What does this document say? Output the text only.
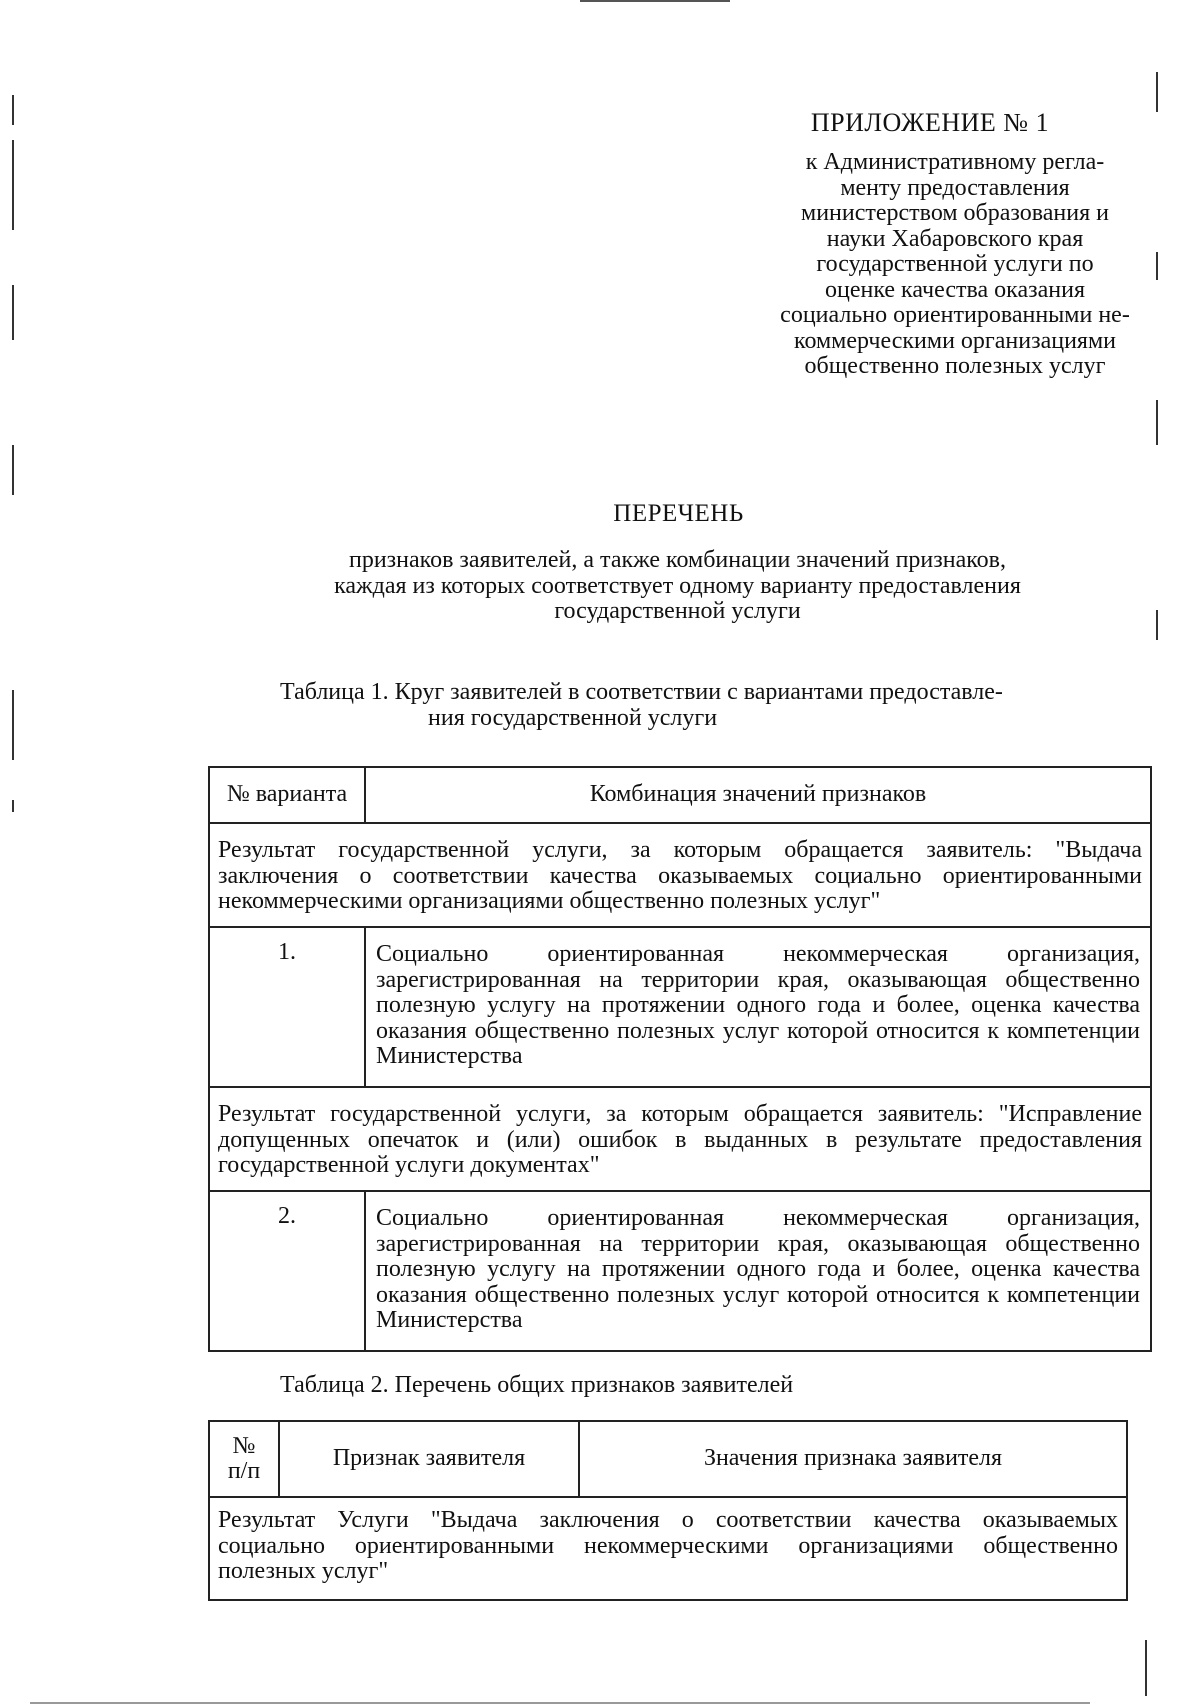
ПРИЛОЖЕНИЕ № 1
к Административному регла-
менту предоставления
министерством образования и
науки Хабаровского края
государственной услуги по
оценке качества оказания
социально ориентированными не-
коммерческими организациями
общественно полезных услуг
ПЕРЕЧЕНЬ
признаков заявителей, а также комбинации значений признаков,
каждая из которых соответствует одному варианту предоставления
государственной услуги
Таблица 1. Круг заявителей в соответствии с вариантами предоставле-
ния государственной услуги
№ варианта	Комбинация значений признаков
Результат государственной услуги, за которым обращается заявитель: "Выдача заключения о соответствии качества оказываемых социально ориентированными некоммерческими организациями общественно полезных услуг"	
1.	Социально ориентированная некоммерческая организация, зарегистрированная на территории края, оказывающая общественно полезную услугу на протяжении одного года и более, оценка качества оказания общественно полезных услуг которой относится к компетенции Министерства
Результат государственной услуги, за которым обращается заявитель: "Исправление допущенных опечаток и (или) ошибок в выданных в результате предоставления государственной услуги документах"	
2.	Социально ориентированная некоммерческая организация, зарегистрированная на территории края, оказывающая общественно полезную услугу на протяжении одного года и более, оценка качества оказания общественно полезных услуг которой относится к компетенции Министерства
Таблица 2. Перечень общих признаков заявителей
№
п/п	Признак заявителя	Значения признака заявителя
Результат Услуги "Выдача заключения о соответствии качества оказываемых социально ориентированными некоммерческими организациями общественно полезных услуг"
